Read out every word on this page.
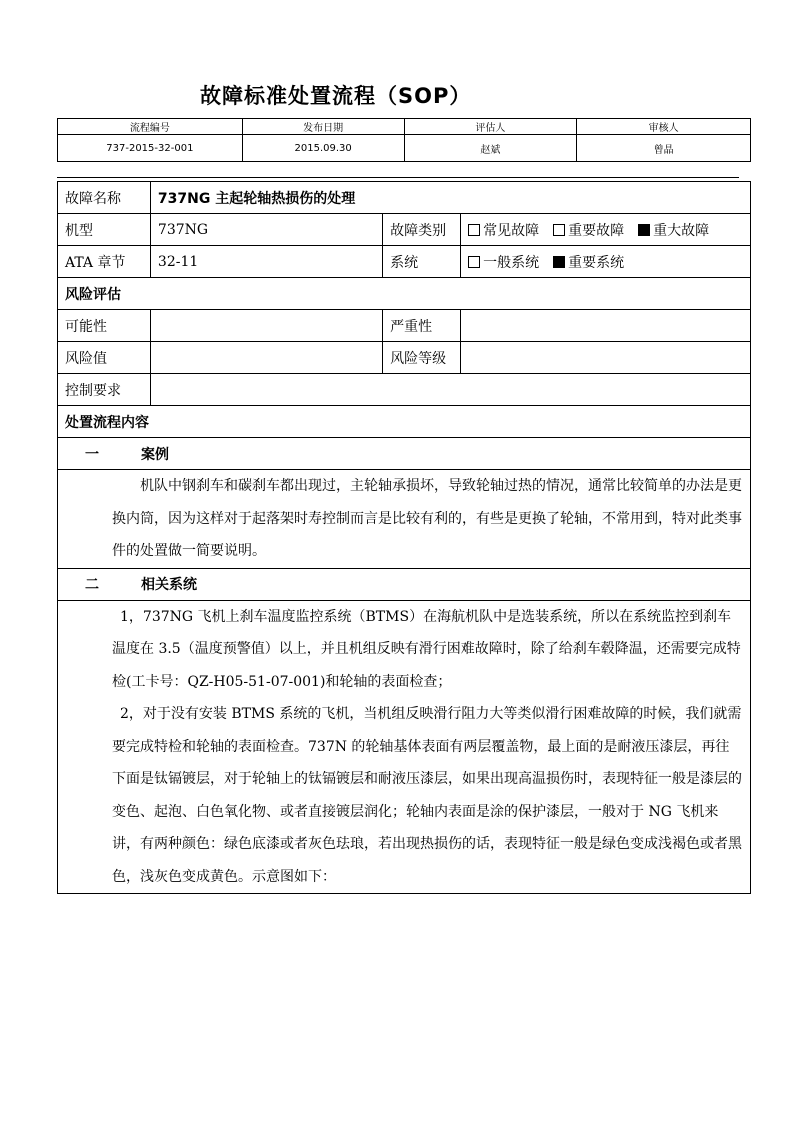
故障标准处置流程（SOP）
流程编号	发布日期	评估人	审核人
737-2015-32-001	2015.09.30	赵斌	曾晶
故障名称	737NG 主起轮轴热损伤的处理		
机型	737NG	故障类别	常见故障 重要故障 重大故障
ATA 章节	32-11	系统	一般系统 重要系统
风险评估			
可能性		严重性	
风险值		风险等级	
控制要求			
处置流程内容			
一 案例			

机队中钢刹车和碳刹车都出现过，主轮轴承损坏，导致轮轴过热的情况，通常比较简单的办法是更换内筒，因为这样对于起落架时寿控制而言是比较有利的，有些是更换了轮轴，不常用到，特对此类事件的处置做一简要说明。			

二 相关系统			

1，737NG 飞机上刹车温度监控系统（BTMS）在海航机队中是选装系统，所以在系统监控到刹车温度在 3.5（温度预警值）以上，并且机组反映有滑行困难故障时，除了给刹车毂降温，还需要完成特检(工卡号：QZ-H05-51-07-001)和轮轴的表面检查；

2，对于没有安装 BTMS 系统的飞机，当机组反映滑行阻力大等类似滑行困难故障的时候，我们就需要完成特检和轮轴的表面检查。737N 的轮轴基体表面有两层覆盖物，最上面的是耐液压漆层，再往下面是钛镉镀层，对于轮轴上的钛镉镀层和耐液压漆层，如果出现高温损伤时，表现特征一般是漆层的变色、起泡、白色氧化物、或者直接镀层润化；轮轴内表面是涂的保护漆层，一般对于 NG 飞机来讲，有两种颜色：绿色底漆或者灰色珐琅，若出现热损伤的话，表现特征一般是绿色变成浅褐色或者黑色，浅灰色变成黄色。示意图如下：			
